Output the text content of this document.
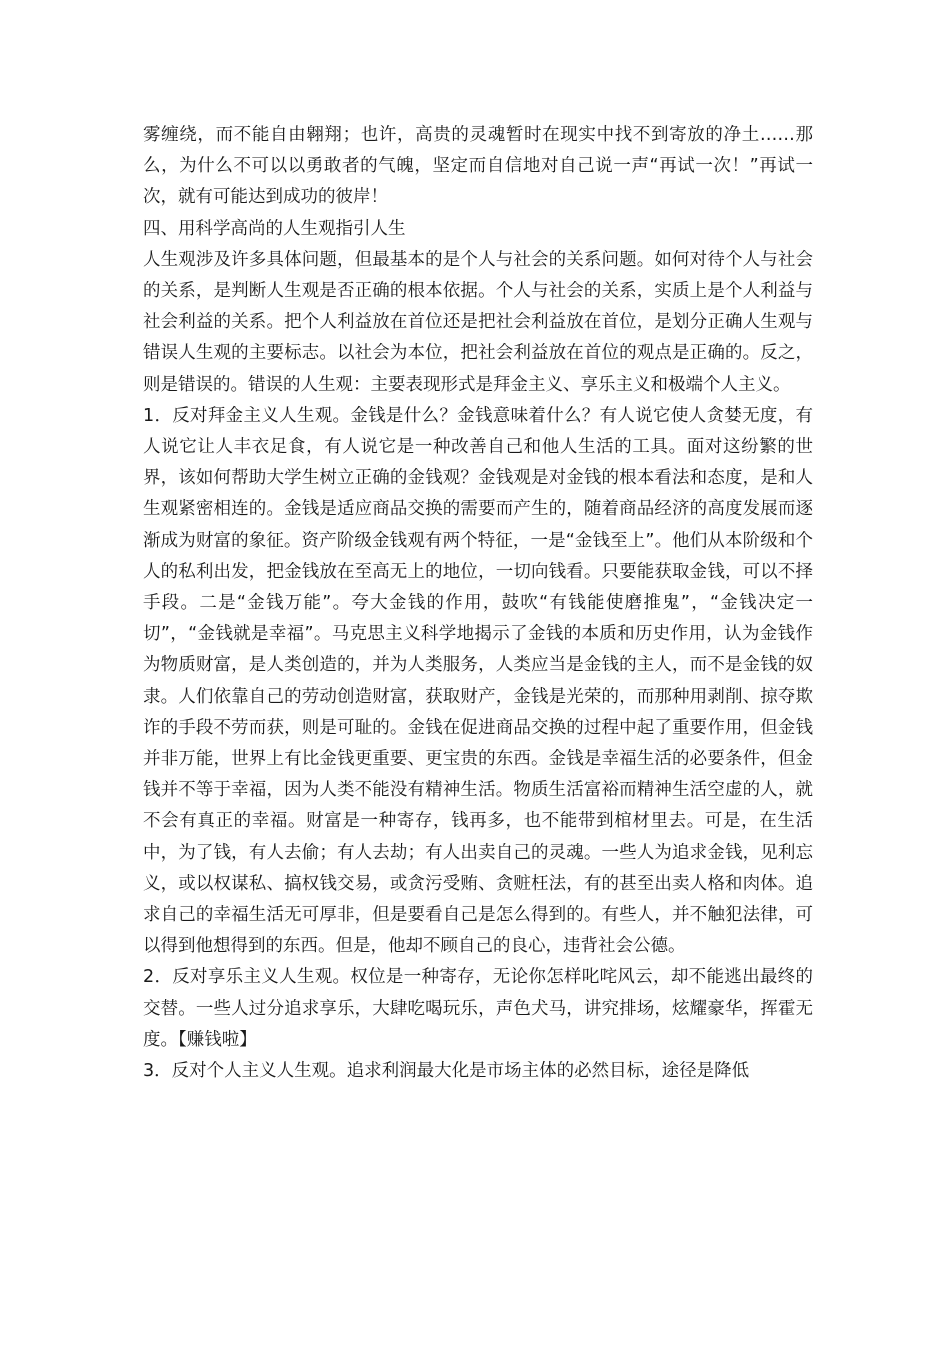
雾缠绕，而不能自由翱翔；也许，高贵的灵魂暂时在现实中找不到寄放的净土……那么，为什么不可以以勇敢者的气魄，坚定而自信地对自己说一声“再试一次！”再试一次，就有可能达到成功的彼岸！

四、用科学高尚的人生观指引人生

人生观涉及许多具体问题，但最基本的是个人与社会的关系问题。如何对待个人与社会的关系，是判断人生观是否正确的根本依据。个人与社会的关系，实质上是个人利益与社会利益的关系。把个人利益放在首位还是把社会利益放在首位，是划分正确人生观与错误人生观的主要标志。以社会为本位，把社会利益放在首位的观点是正确的。反之，则是错误的。错误的人生观：主要表现形式是拜金主义、享乐主义和极端个人主义。

1．反对拜金主义人生观。金钱是什么？金钱意味着什么？有人说它使人贪婪无度，有人说它让人丰衣足食，有人说它是一种改善自己和他人生活的工具。面对这纷繁的世界，该如何帮助大学生树立正确的金钱观？金钱观是对金钱的根本看法和态度，是和人生观紧密相连的。金钱是适应商品交换的需要而产生的，随着商品经济的高度发展而逐渐成为财富的象征。资产阶级金钱观有两个特征，一是“金钱至上”。他们从本阶级和个人的私利出发，把金钱放在至高无上的地位，一切向钱看。只要能获取金钱，可以不择手段。二是“金钱万能”。夸大金钱的作用，鼓吹“有钱能使磨推鬼”，“金钱决定一切”，“金钱就是幸福”。马克思主义科学地揭示了金钱的本质和历史作用，认为金钱作为物质财富，是人类创造的，并为人类服务，人类应当是金钱的主人，而不是金钱的奴隶。人们依靠自己的劳动创造财富，获取财产，金钱是光荣的，而那种用剥削、掠夺欺诈的手段不劳而获，则是可耻的。金钱在促进商品交换的过程中起了重要作用，但金钱并非万能，世界上有比金钱更重要、更宝贵的东西。金钱是幸福生活的必要条件，但金钱并不等于幸福，因为人类不能没有精神生活。物质生活富裕而精神生活空虚的人，就不会有真正的幸福。财富是一种寄存，钱再多，也不能带到棺材里去。可是，在生活中，为了钱，有人去偷；有人去劫；有人出卖自己的灵魂。一些人为追求金钱，见利忘义，或以权谋私、搞权钱交易，或贪污受贿、贪赃枉法，有的甚至出卖人格和肉体。追求自己的幸福生活无可厚非，但是要看自己是怎么得到的。有些人，并不触犯法律，可以得到他想得到的东西。但是，他却不顾自己的良心，违背社会公德。

2．反对享乐主义人生观。权位是一种寄存，无论你怎样叱咤风云，却不能逃出最终的交替。一些人过分追求享乐，大肆吃喝玩乐，声色犬马，讲究排场，炫耀豪华，挥霍无度。【赚钱啦】

3．反对个人主义人生观。追求利润最大化是市场主体的必然目标，途径是降低
